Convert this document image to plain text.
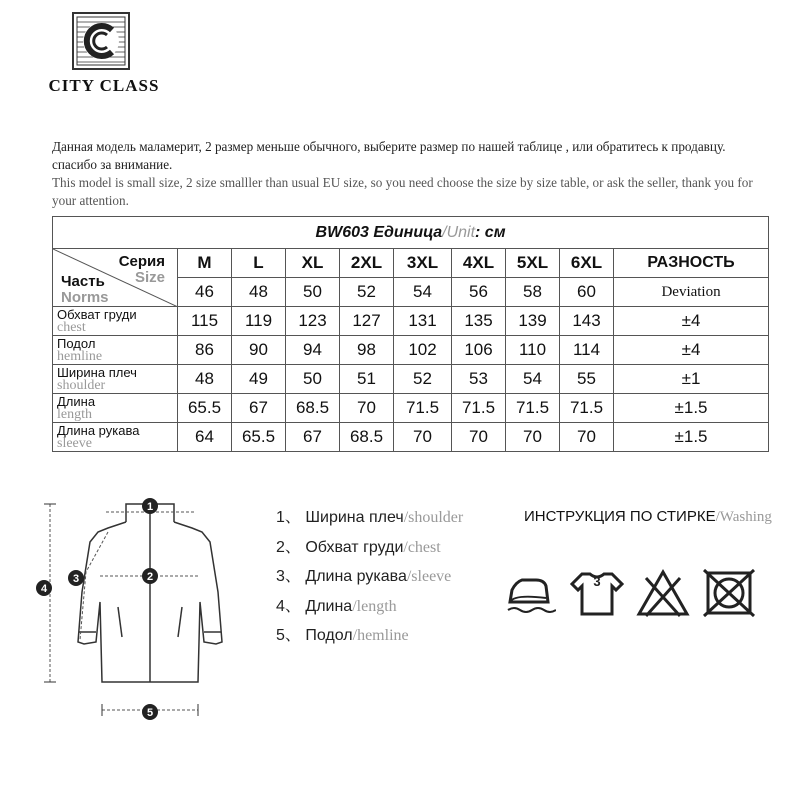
CITY CLASS
Данная модель маламерит, 2 размер меньше обычного, выберите размер по нашей таблице , или обратитесь к продавцу. спасибо за внимание.
This model is small size, 2 size smalller than usual EU size, so you need choose the size by size table, or ask the seller, thank you for your attention.
BW603 Единица/Unit: см									

Серия
Size
Часть
Norms	M	L	XL	2XL	3XL	4XL	5XL	6XL	РАЗНОСТЬ
	46	48	50	52	54	56	58	60	Deviation

Обхват груди
chest	115	119	123	127	131	135	139	143	±4

Подол
hemline	86	90	94	98	102	106	110	114	±4

Ширина плеч
shoulder	48	49	50	51	52	53	54	55	±1

Длина
length	65.5	67	68.5	70	71.5	71.5	71.5	71.5	±1.5

Длина рукава
sleeve	64	65.5	67	68.5	70	70	70	70	±1.5
1
2
3
4
5
1、 Ширина плеч/shoulder
2、 Обхват груди/chest
3、 Длина рукава/sleeve
4、 Длина/length
5、 Подол/hemline
ИНСТРУКЦИЯ ПО СТИРКЕ/Washing
3
